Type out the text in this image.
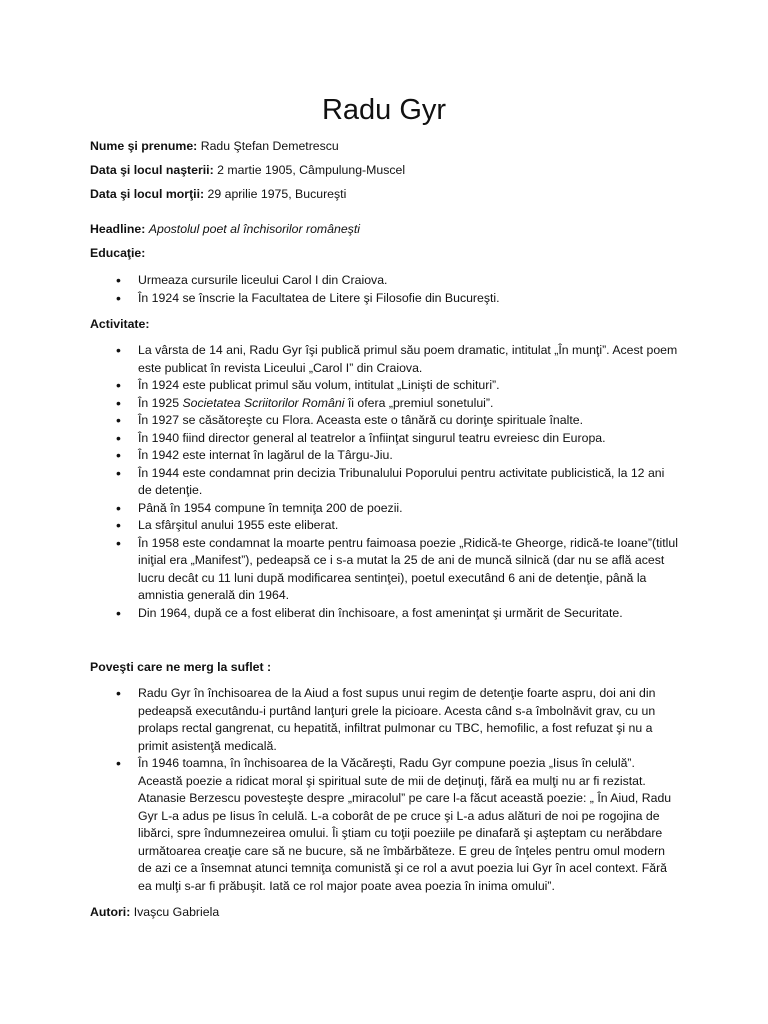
Radu Gyr
Nume şi prenume: Radu Ştefan Demetrescu
Data şi locul naşterii: 2 martie 1905, Câmpulung-Muscel
Data şi locul morţii: 29 aprilie 1975, Bucureşti
Headline: Apostolul poet al închisorilor româneşti
Educaţie:
• Urmeaza cursurile liceului Carol I din Craiova.
• În 1924 se înscrie la Facultatea de Litere şi Filosofie din Bucureşti.
Activitate:
• La vârsta de 14 ani, Radu Gyr îşi publică primul său poem dramatic, intitulat „În munţi”. Acest poem este publicat în revista Liceului „Carol I” din Craiova.
• În 1924 este publicat primul său volum, intitulat „Linişti de schituri”.
• În 1925 Societatea Scriitorilor Români îi ofera „premiul sonetului”.
• În 1927 se căsătoreşte cu Flora. Aceasta este o tânără cu dorinţe spirituale înalte.
• În 1940 fiind director general al teatrelor a înfiinţat singurul teatru evreiesc din Europa.
• În 1942 este internat în lagărul de la Târgu-Jiu.
• În 1944 este condamnat prin decizia Tribunalului Poporului pentru activitate publicistică, la 12 ani de detenţie.
• Până în 1954 compune în temniţa 200 de poezii.
• La sfârşitul anului 1955 este eliberat.
• În 1958 este condamnat la moarte pentru faimoasa poezie „Ridică-te Gheorge, ridică-te Ioane”(titlul iniţial era „Manifest”), pedeapsă ce i s-a mutat la 25 de ani de muncă silnică (dar nu se află acest lucru decât cu 11 luni după modificarea sentinţei), poetul executând 6 ani de detenţie, până la amnistia generală din 1964.
• Din 1964, după ce a fost eliberat din închisoare, a fost ameninţat şi urmărit de Securitate.
Poveşti care ne merg la suflet :
• Radu Gyr în închisoarea de la Aiud a fost supus unui regim de detenţie foarte aspru, doi ani din pedeapsă executându-i purtând lanţuri grele la picioare. Acesta când s-a îmbolnăvit grav, cu un prolaps rectal gangrenat, cu hepatită, infiltrat pulmonar cu TBC, hemofilic, a fost refuzat şi nu a primit asistenţă medicală.
• În 1946 toamna, în închisoarea de la Văcăreşti, Radu Gyr compune poezia „Iisus în celulă”. Această poezie a ridicat moral şi spiritual sute de mii de deţinuţi, fără ea mulţi nu ar fi rezistat. Atanasie Berzescu povesteşte despre „miracolul” pe care l-a făcut această poezie: „ În Aiud, Radu Gyr L-a adus pe Iisus în celulă. L-a coborât de pe cruce şi L-a adus alături de noi pe rogojina de libărci, spre îndumnezeirea omului. Îi ştiam cu toţii poeziile pe dinafară şi aşteptam cu nerăbdare următoarea creaţie care să ne bucure, să ne îmbărbăteze. E greu de înţeles pentru omul modern de azi ce a însemnat atunci temniţa comunistă şi ce rol a avut poezia lui Gyr în acel context. Fără ea mulţi s-ar fi prăbuşit. Iată ce rol major poate avea poezia în inima omului”.
Autori: Ivaşcu Gabriela
